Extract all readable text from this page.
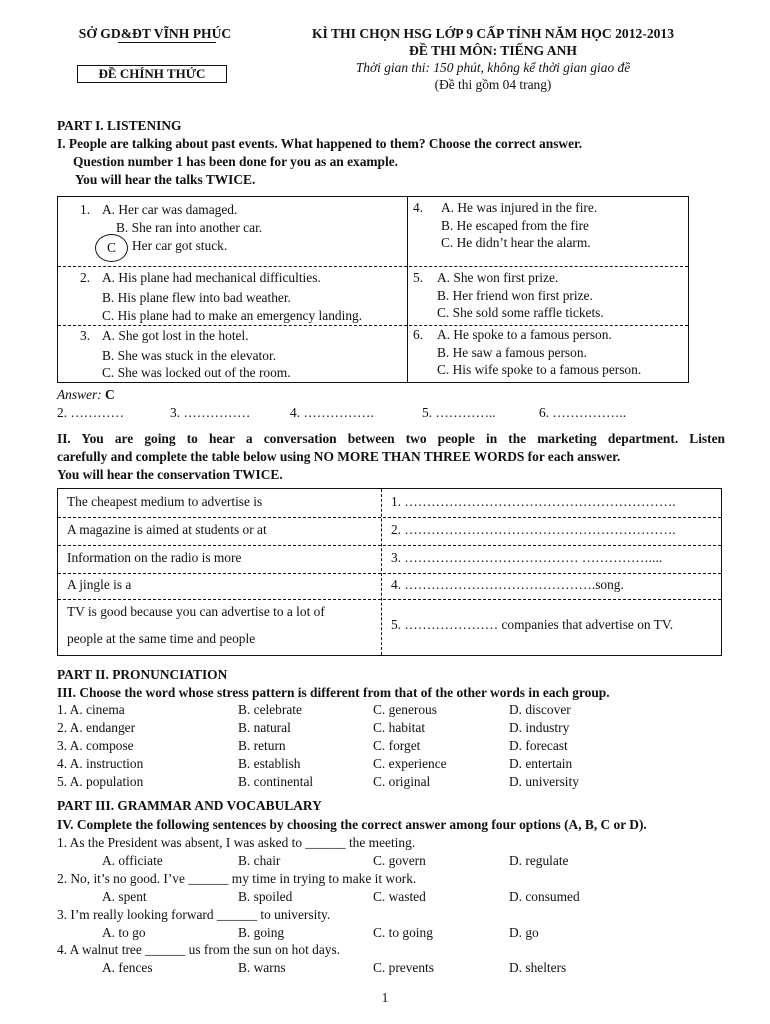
SỞ GD&ĐT VĨNH PHÚC
ĐỀ CHÍNH THỨC
KÌ THI CHỌN HSG LỚP 9 CẤP TỈNH NĂM HỌC 2012-2013
ĐỀ THI MÔN: TIẾNG ANH
Thời gian thi: 150 phút, không kể thời gian giao đề
(Đề thi gồm 04 trang)
PART I. LISTENING
I. People are talking about past events. What happened to them? Choose the correct answer.
Question number 1 has been done for you as an example.
You will hear the talks TWICE.
1. A. Her car was damaged.
B. She ran into another car.
C	Her car got stuck.
4. A. He was injured in the fire.
B. He escaped from the fire
C. He didn’t hear the alarm.
2. A. His plane had mechanical difficulties.
B. His plane flew into bad weather.
C. His plane had to make an emergency landing.
5. A. She won first prize.
B. Her friend won first prize.
C. She sold some raffle tickets.
3. A. She got lost in the hotel.
B. She was stuck in the elevator.
C. She was locked out of the room.
6. A. He spoke to a famous person.
B. He saw a famous person.
C. His wife spoke to a famous person.
Answer: C
2. …………	3. ……………	4. …………….	5. …………..	6. ……………..
II. You are going to hear a conversation between two people in the marketing department. Listen
carefully and complete the table below using NO MORE THAN THREE WORDS for each answer.
You will hear the conservation TWICE.
The cheapest medium to advertise is	1. …………………………………………………….
A magazine is aimed at students or at	2. …………………………………………………….
Information on the radio is more	3. ………………………………… ……………....
A jingle is a	4. …………………………………….song.
TV is good because you can advertise to a lot of
people at the same time and people
5. ………………… companies that advertise on TV.
PART II. PRONUNCIATION
III. Choose the word whose stress pattern is different from that of the other words in each group.
1. A. cinema	B. celebrate	C. generous	D. discover
2. A. endanger	B. natural	C. habitat	D. industry
3. A. compose	B. return	C. forget	D. forecast
4. A. instruction	B. establish	C. experience	D. entertain
5. A. population	B. continental	C. original	D. university
PART III. GRAMMAR AND VOCABULARY
IV. Complete the following sentences by choosing the correct answer among four options (A, B, C or D).
1. As the President was absent, I was asked to ______ the meeting.
A. officiate	B. chair	C. govern	D. regulate
2. No, it’s no good. I’ve ______ my time in trying to make it work.
A. spent	B. spoiled	C. wasted	D. consumed
3. I’m really looking forward ______ to university.
A. to go	B. going	C. to going	D. go
4. A walnut tree ______ us from the sun on hot days.
A. fences	B. warns	C. prevents	D. shelters
1
